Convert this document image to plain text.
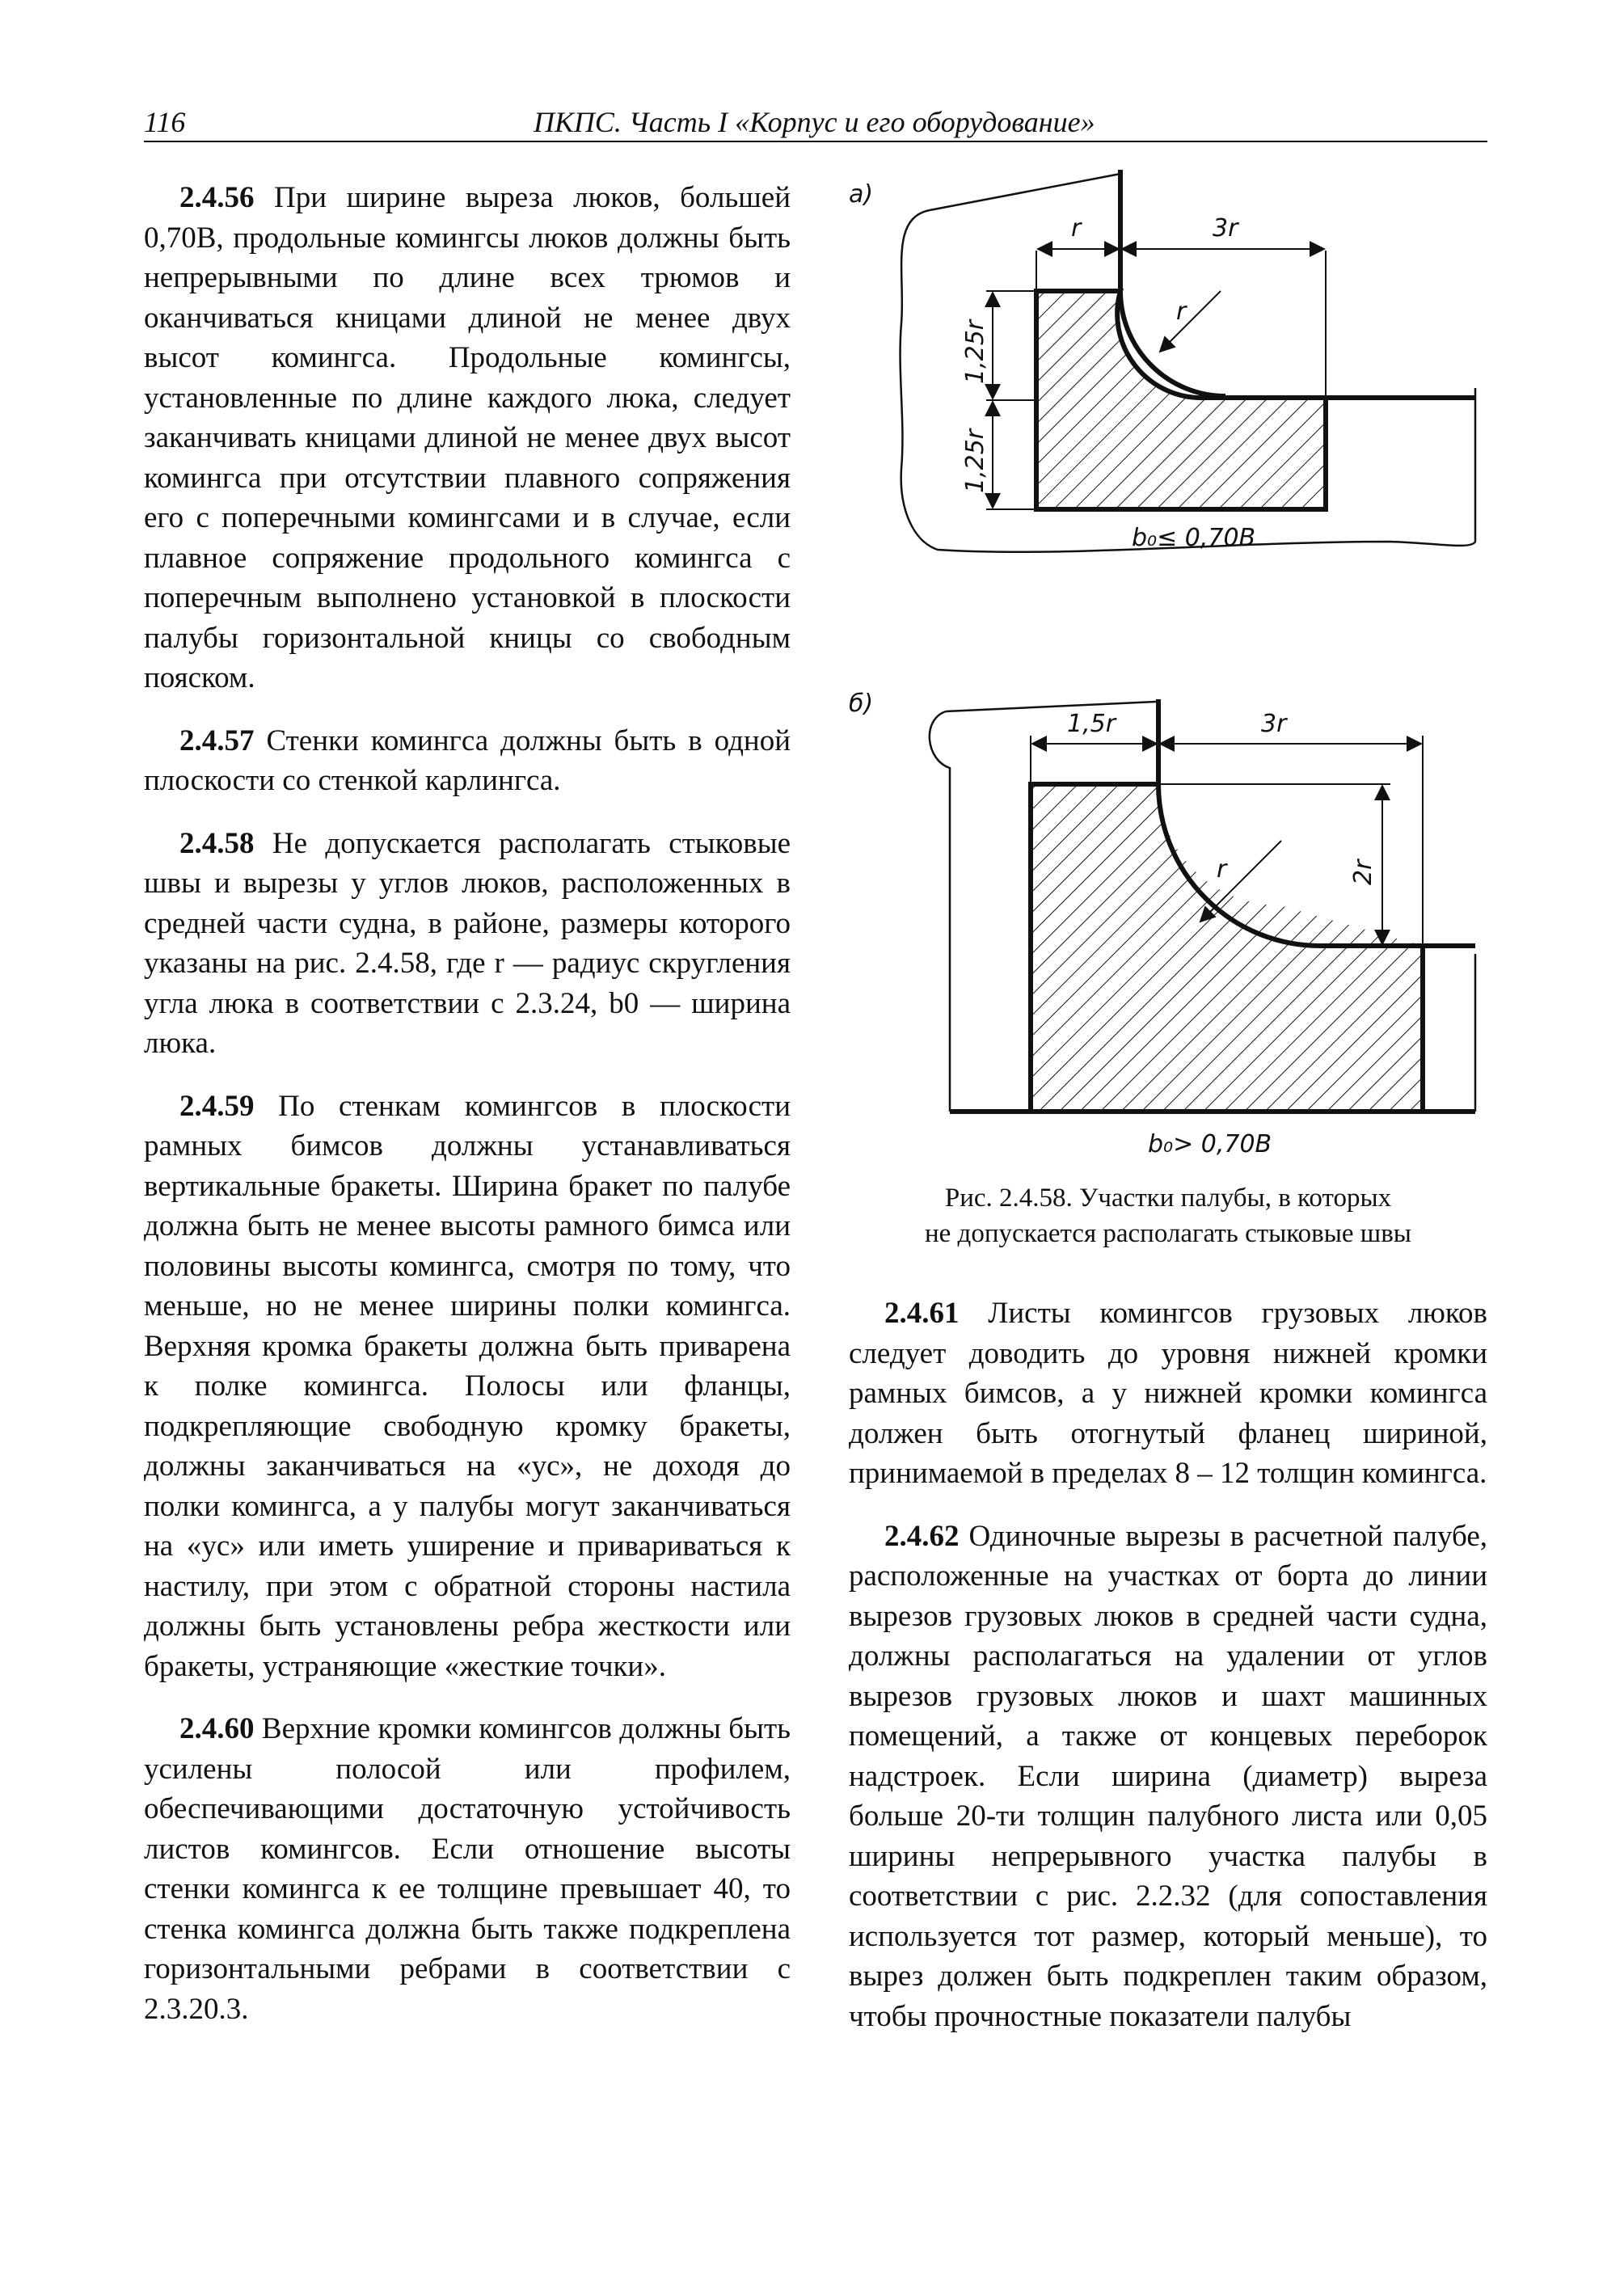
116	ПКПС. Часть I «Корпус и его оборудование»

2.4.56 При ширине выреза люков, большей 0,70B, продольные комингсы люков должны быть непрерывными по длине всех трюмов и оканчиваться кницами длиной не менее двух высот комингса. Продольные комингсы, установленные по длине каждого люка, следует заканчивать кницами длиной не менее двух высот комингса при отсутствии плавного сопряжения его с поперечными комингсами и в случае, если плавное сопряжение продольного комингса с поперечным выполнено установкой в плоскости палубы горизонтальной кницы со свободным пояском.

2.4.57 Стенки комингса должны быть в одной плоскости со стенкой карлингса.

2.4.58 Не допускается располагать стыковые швы и вырезы у углов люков, расположенных в средней части судна, в районе, размеры которого указаны на рис. 2.4.58, где r — радиус скругления угла люка в соответствии с 2.3.24, b0 — ширина люка.

2.4.59 По стенкам комингсов в плоскости рамных бимсов должны устанавливаться вертикальные бракеты. Ширина бракет по палубе должна быть не менее высоты рамного бимса или половины высоты комингса, смотря по тому, что меньше, но не менее ширины полки комингса. Верхняя кромка бракеты должна быть приварена к полке комингса. Полосы или фланцы, подкрепляющие свободную кромку бракеты, должны заканчиваться на «ус», не доходя до полки комингса, а у палубы могут заканчиваться на «ус» или иметь уширение и привариваться к настилу, при этом с обратной стороны настила должны быть установлены ребра жесткости или бракеты, устраняющие «жесткие точки».

2.4.60 Верхние кромки комингсов должны быть усилены полосой или профилем, обеспечивающими достаточную устойчивость листов комингсов. Если отношение высоты стенки комингса к ее толщине превышает 40, то стенка комингса должна быть также подкреплена горизонтальными ребрами в соответствии с 2.3.20.3.

а)
r	3r
1,25r
1,25r
r
b₀≤ 0,70B
б)
1,5r	3r
2r
r
b₀> 0,70B
Рис. 2.4.58. Участки палубы, в которых
не допускается располагать стыковые швы

2.4.61 Листы комингсов грузовых люков следует доводить до уровня нижней кромки рамных бимсов, а у нижней кромки комингса должен быть отогнутый фланец шириной, принимаемой в пределах 8 – 12 толщин комингса.

2.4.62 Одиночные вырезы в расчетной палубе, расположенные на участках от борта до линии вырезов грузовых люков в средней части судна, должны располагаться на удалении от углов вырезов грузовых люков и шахт машинных помещений, а также от концевых переборок надстроек. Если ширина (диаметр) выреза больше 20-ти толщин палубного листа или 0,05 ширины непрерывного участка палубы в соответствии с рис. 2.2.32 (для сопоставления используется тот размер, который меньше), то вырез должен быть подкреплен таким образом, чтобы прочностные показатели палубы
